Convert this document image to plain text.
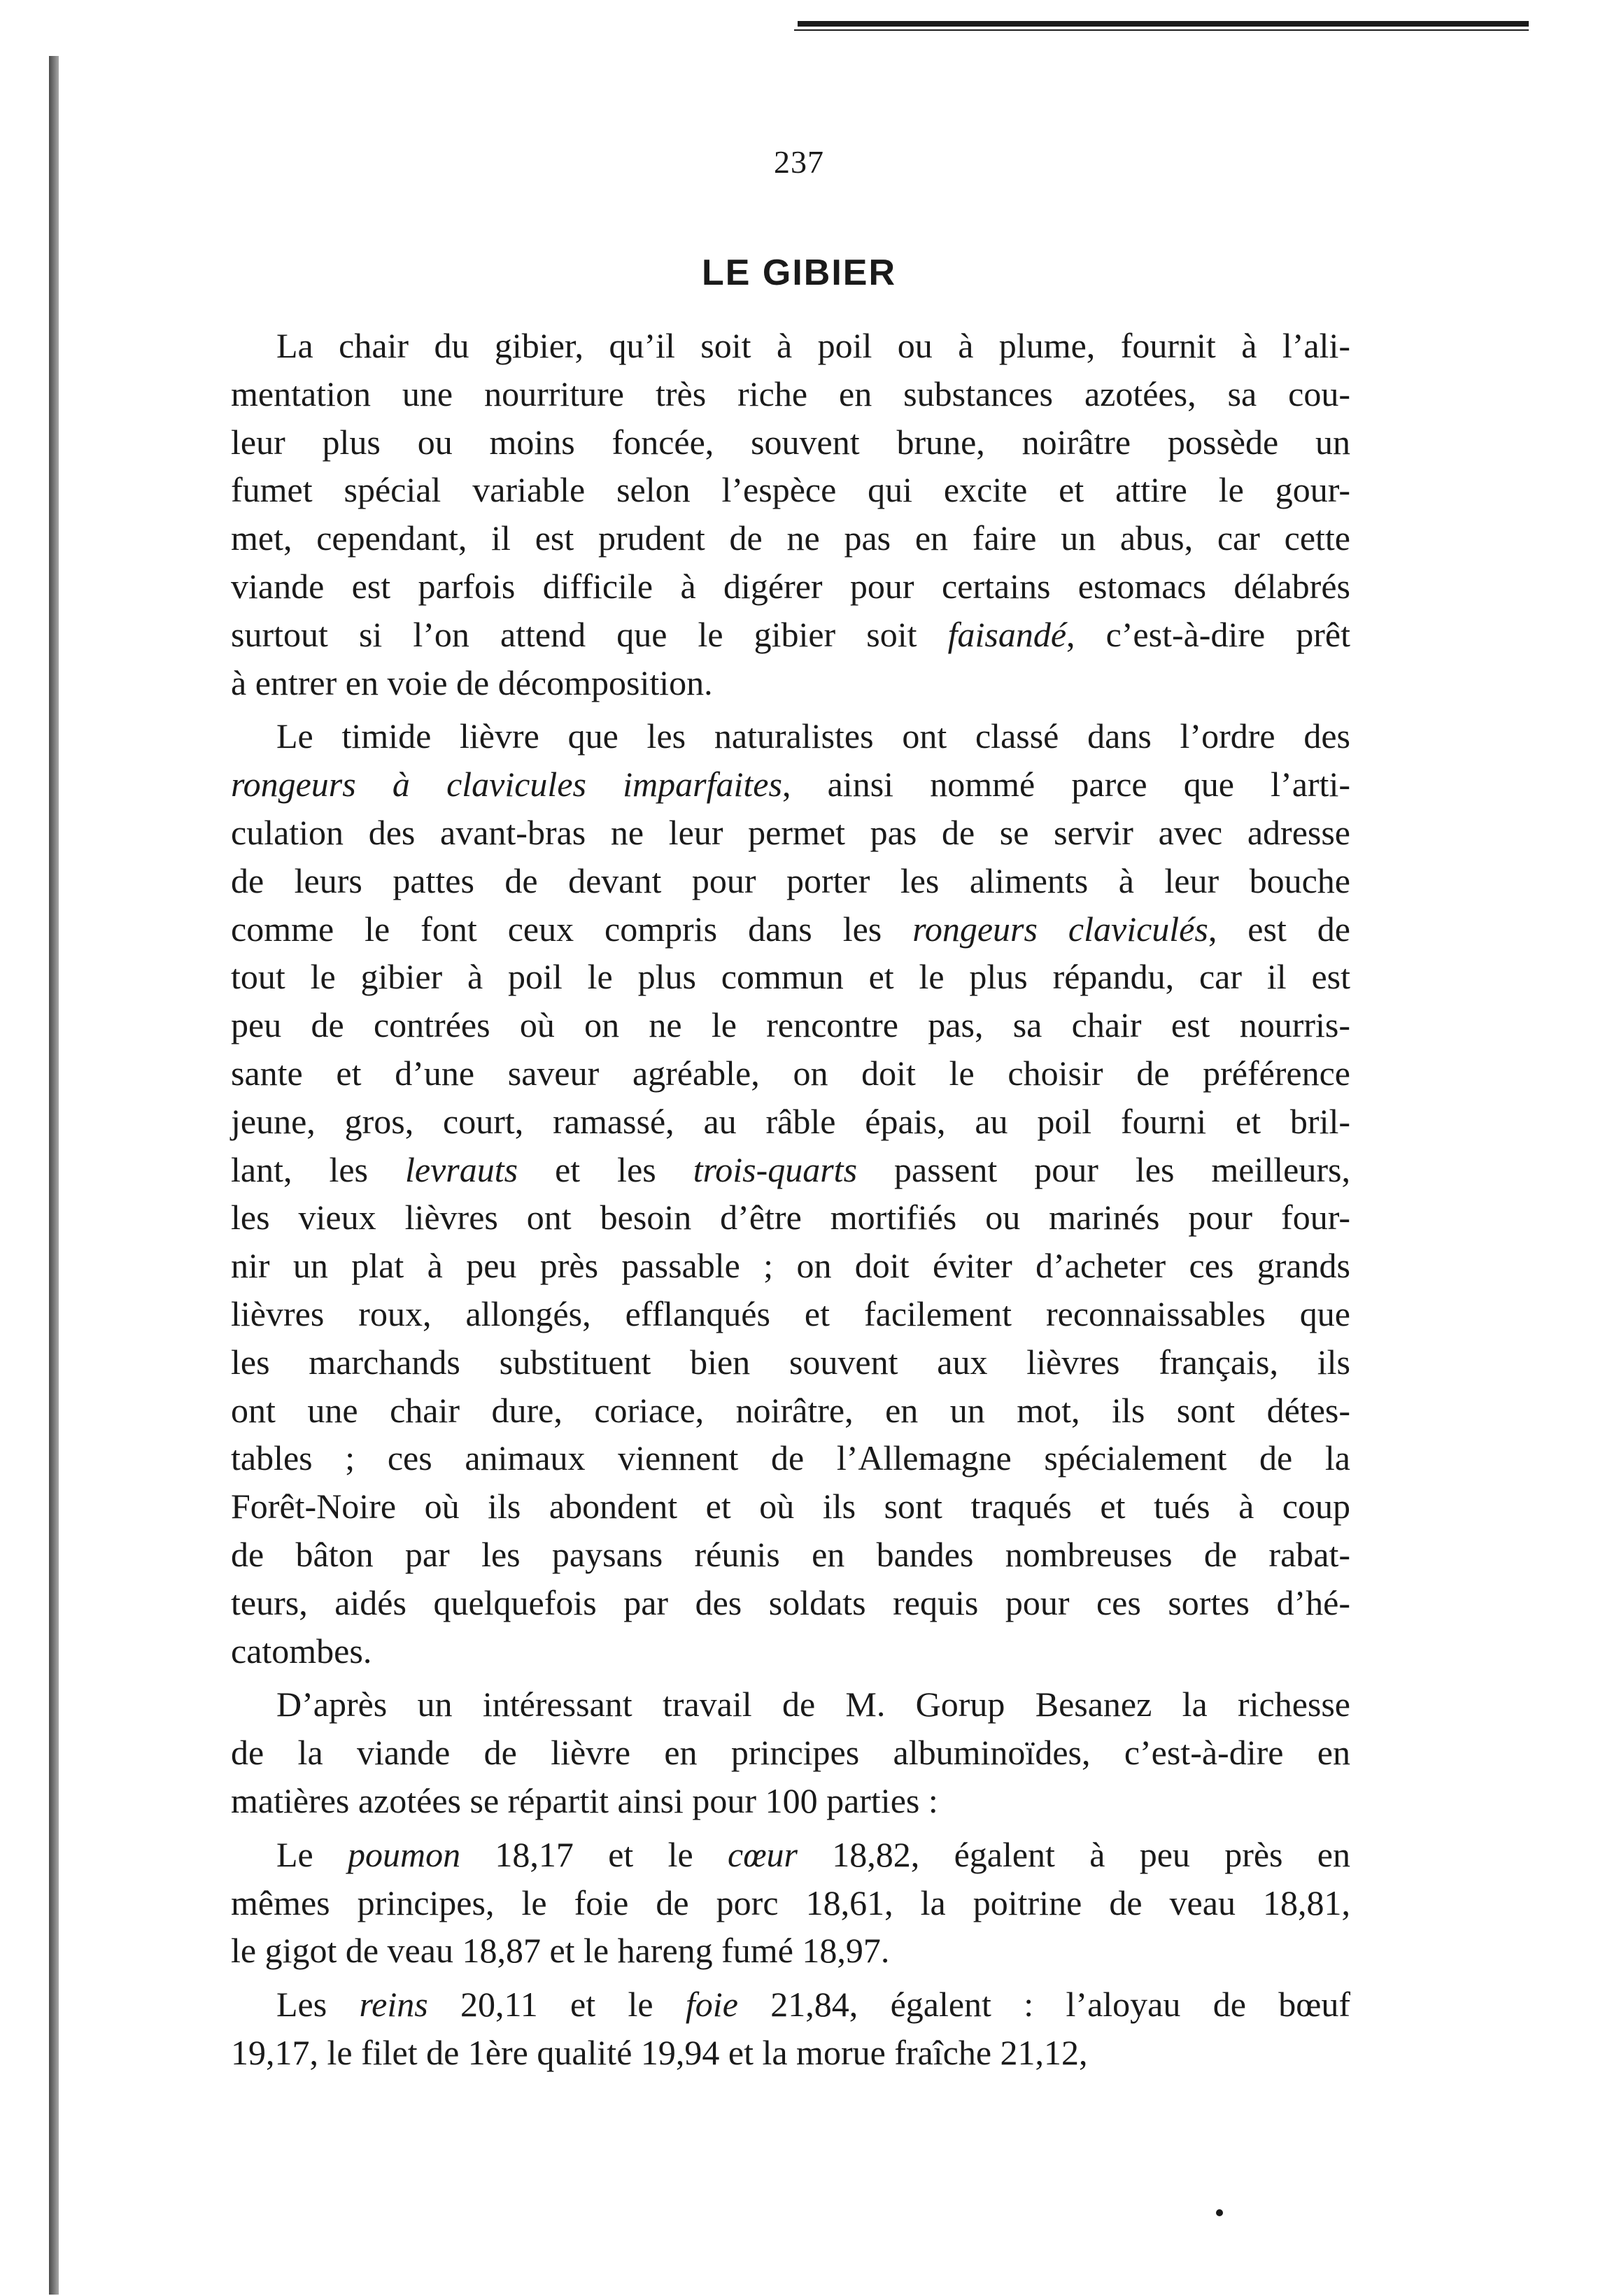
237
LE GIBIER
La chair du gibier, qu’il soit à poil ou à plume, fournit à l’ali-
mentation une nourriture très riche en substances azotées, sa cou-
leur plus ou moins foncée, souvent brune, noirâtre possède un
fumet spécial variable selon l’espèce qui excite et attire le gour-
met, cependant, il est prudent de ne pas en faire un abus, car cette
viande est parfois difficile à digérer pour certains estomacs délabrés
surtout si l’on attend que le gibier soit faisandé, c’est-à-dire prêt
à entrer en voie de décomposition.
Le timide lièvre que les naturalistes ont classé dans l’ordre des
rongeurs à clavicules imparfaites, ainsi nommé parce que l’arti-
culation des avant-bras ne leur permet pas de se servir avec adresse
de leurs pattes de devant pour porter les aliments à leur bouche
comme le font ceux compris dans les rongeurs claviculés, est de
tout le gibier à poil le plus commun et le plus répandu, car il est
peu de contrées où on ne le rencontre pas, sa chair est nourris-
sante et d’une saveur agréable, on doit le choisir de préférence
jeune, gros, court, ramassé, au râble épais, au poil fourni et bril-
lant, les levrauts et les trois-quarts passent pour les meilleurs,
les vieux lièvres ont besoin d’être mortifiés ou marinés pour four-
nir un plat à peu près passable ; on doit éviter d’acheter ces grands
lièvres roux, allongés, efflanqués et facilement reconnaissables que
les marchands substituent bien souvent aux lièvres français, ils
ont une chair dure, coriace, noirâtre, en un mot, ils sont détes-
tables ; ces animaux viennent de l’Allemagne spécialement de la
Forêt-Noire où ils abondent et où ils sont traqués et tués à coup
de bâton par les paysans réunis en bandes nombreuses de rabat-
teurs, aidés quelquefois par des soldats requis pour ces sortes d’hé-
catombes.
D’après un intéressant travail de M. Gorup Besanez la richesse
de la viande de lièvre en principes albuminoïdes, c’est-à-dire en
matières azotées se répartit ainsi pour 100 parties :
Le poumon 18,17 et le cœur 18,82, égalent à peu près en
mêmes principes, le foie de porc 18,61, la poitrine de veau 18,81,
le gigot de veau 18,87 et le hareng fumé 18,97.
Les reins 20,11 et le foie 21,84, égalent : l’aloyau de bœuf
19,17, le filet de 1ère qualité 19,94 et la morue fraîche 21,12,
